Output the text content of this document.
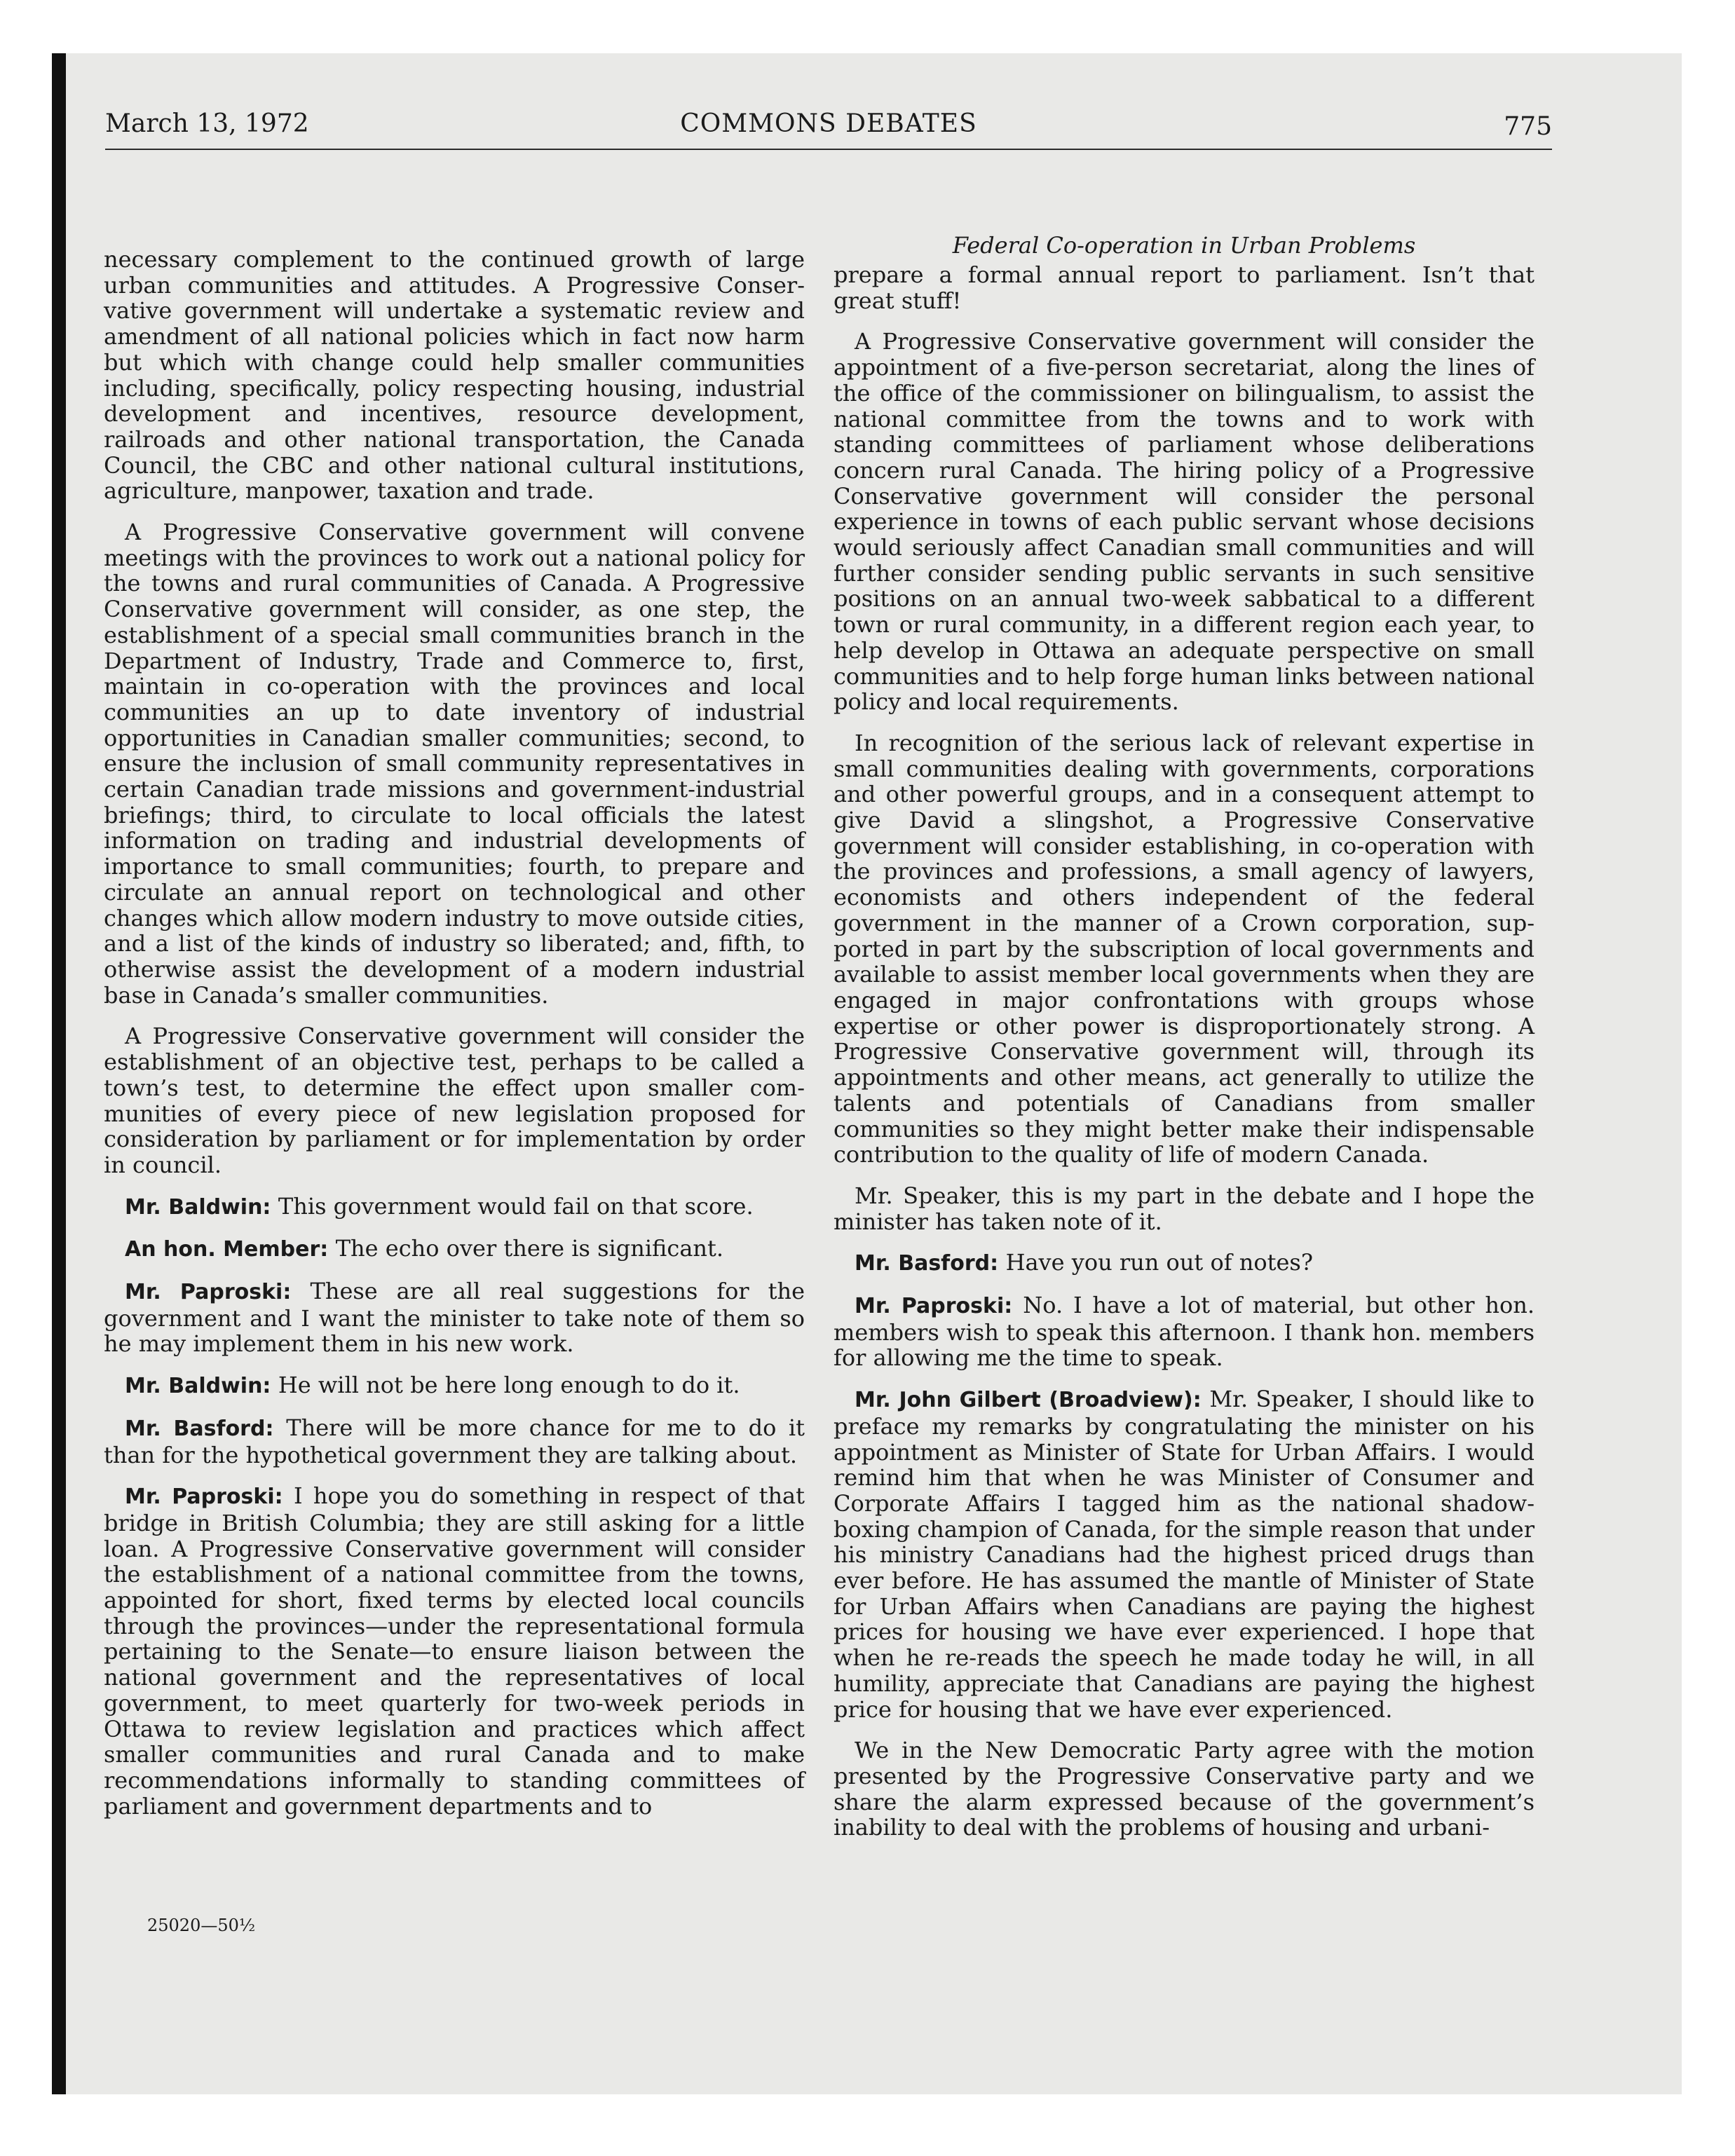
COMMONS DEBATES
March 13, 1972	775
Federal Co-operation in Urban Problems

necessary complement to the continued growth of large urban communities and attitudes. A Progressive Conservative government will undertake a systematic review and amendment of all national policies which in fact now harm but which with change could help smaller communities including, specifically, policy respecting housing, industrial development and incentives, resource development, railroads and other national transportation, the Canada Council, the CBC and other national cultural institutions, agriculture, manpower, taxation and trade.

A Progressive Conservative government will convene meetings with the provinces to work out a national policy for the towns and rural communities of Canada. A Progressive Conservative government will consider, as one step, the establishment of a special small communities branch in the Department of Industry, Trade and Commerce to, first, maintain in co-operation with the provinces and local communities an up to date inventory of industrial opportunities in Canadian smaller communities; second, to ensure the inclusion of small community representatives in certain Canadian trade missions and government-industrial briefings; third, to circulate to local officials the latest information on trading and industrial developments of importance to small communities; fourth, to prepare and circulate an annual report on technological and other changes which allow modern industry to move outside cities, and a list of the kinds of industry so liberated; and, fifth, to otherwise assist the development of a modern industrial base in Canada’s smaller communities.

A Progressive Conservative government will consider the establishment of an objective test, perhaps to be called a town’s test, to determine the effect upon smaller communities of every piece of new legislation proposed for consideration by parliament or for implementation by order in council.

Mr. Baldwin: This government would fail on that score.

An hon. Member: The echo over there is significant.

Mr. Paproski: These are all real suggestions for the government and I want the minister to take note of them so he may implement them in his new work.

Mr. Baldwin: He will not be here long enough to do it.

Mr. Basford: There will be more chance for me to do it than for the hypothetical government they are talking about.

Mr. Paproski: I hope you do something in respect of that bridge in British Columbia; they are still asking for a little loan. A Progressive Conservative government will consider the establishment of a national committee from the towns, appointed for short, fixed terms by elected local councils through the provinces—under the representational formula pertaining to the Senate—to ensure liaison between the national government and the representatives of local government, to meet quarterly for two-week periods in Ottawa to review legislation and practices which affect smaller communities and rural Canada and to make recommendations informally to standing committees of parliament and government departments and to

prepare a formal annual report to parliament. Isn’t that great stuff!

A Progressive Conservative government will consider the appointment of a five-person secretariat, along the lines of the office of the commissioner on bilingualism, to assist the national committee from the towns and to work with standing committees of parliament whose deliberations concern rural Canada. The hiring policy of a Progressive Conservative government will consider the personal experience in towns of each public servant whose decisions would seriously affect Canadian small communities and will further consider sending public servants in such sensitive positions on an annual two-week sabbatical to a different town or rural community, in a different region each year, to help develop in Ottawa an adequate perspective on small communities and to help forge human links between national policy and local requirements.

In recognition of the serious lack of relevant expertise in small communities dealing with governments, corporations and other powerful groups, and in a consequent attempt to give David a slingshot, a Progressive Conservative government will consider establishing, in co-operation with the provinces and professions, a small agency of lawyers, economists and others independent of the federal government in the manner of a Crown corporation, supported in part by the subscription of local governments and available to assist member local governments when they are engaged in major confrontations with groups whose expertise or other power is disproportionately strong. A Progressive Conservative government will, through its appointments and other means, act generally to utilize the talents and potentials of Canadians from smaller communities so they might better make their indispensable contribution to the quality of life of modern Canada.

Mr. Speaker, this is my part in the debate and I hope the minister has taken note of it.

Mr. Basford: Have you run out of notes?

Mr. Paproski: No. I have a lot of material, but other hon. members wish to speak this afternoon. I thank hon. members for allowing me the time to speak.

Mr. John Gilbert (Broadview): Mr. Speaker, I should like to preface my remarks by congratulating the minister on his appointment as Minister of State for Urban Affairs. I would remind him that when he was Minister of Consumer and Corporate Affairs I tagged him as the national shadow-boxing champion of Canada, for the simple reason that under his ministry Canadians had the highest priced drugs than ever before. He has assumed the mantle of Minister of State for Urban Affairs when Canadians are paying the highest prices for housing we have ever experienced. I hope that when he re-reads the speech he made today he will, in all humility, appreciate that Canadians are paying the highest price for housing that we have ever experienced.

We in the New Democratic Party agree with the motion presented by the Progressive Conservative party and we share the alarm expressed because of the government’s inability to deal with the problems of housing and urbani-

25020—50½
